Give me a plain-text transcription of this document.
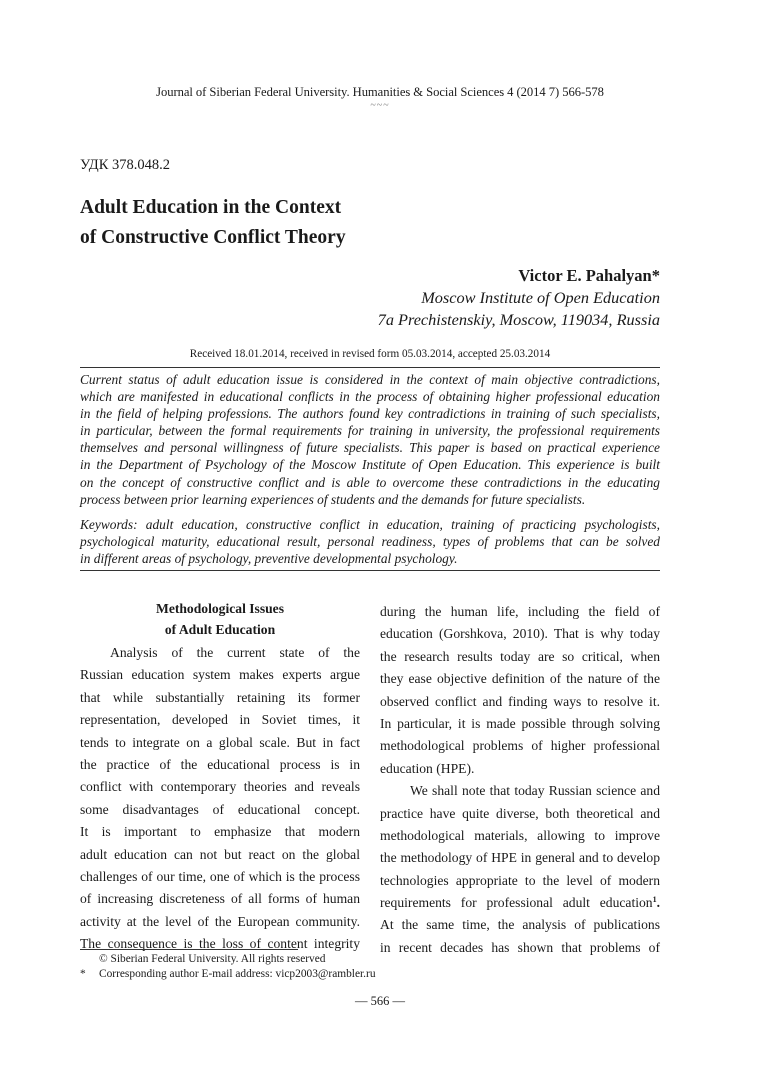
Journal of Siberian Federal University. Humanities & Social Sciences 4 (2014 7) 566-578
~~~
УДК 378.048.2
Adult Education in the Context
of Constructive Conflict Theory
Victor E. Pahalyan*
Moscow Institute of Open Education
7a Prechistenskiy, Moscow, 119034, Russia
Received 18.01.2014, received in revised form 05.03.2014, accepted 25.03.2014
Current status of adult education issue is considered in the context of main objective contradictions,
which are manifested in educational conflicts in the process of obtaining higher professional education
in the field of helping professions. The authors found key contradictions in training of such specialists,
in particular, between the formal requirements for training in university, the professional requirements
themselves and personal willingness of future specialists. This paper is based on practical experience
in the Department of Psychology of the Moscow Institute of Open Education. This experience is built
on the concept of constructive conflict and is able to overcome these contradictions in the educating
process between prior learning experiences of students and the demands for future specialists.
Keywords: adult education, constructive conflict in education, training of practicing psychologists,
psychological maturity, educational result, personal readiness, types of problems that can be solved
in different areas of psychology, preventive developmental psychology.
Methodological Issues
of Adult Education
Analysis of the current state of the
Russian education system makes experts argue
that while substantially retaining its former
representation, developed in Soviet times, it
tends to integrate on a global scale. But in fact
the practice of the educational process is in
conflict with contemporary theories and reveals
some disadvantages of educational concept.
It is important to emphasize that modern
adult education can not but react on the global
challenges of our time, one of which is the process
of increasing discreteness of all forms of human
activity at the level of the European community.
The consequence is the loss of content integrity
during the human life, including the field of
education (Gorshkova, 2010). That is why today
the research results today are so critical, when
they ease objective definition of the nature of the
observed conflict and finding ways to resolve it.
In particular, it is made possible through solving
methodological problems of higher professional
education (HPE).
We shall note that today Russian science and
practice have quite diverse, both theoretical and
methodological materials, allowing to improve
the methodology of HPE in general and to develop
technologies appropriate to the level of modern
requirements for professional adult education$^1$.
At the same time, the analysis of publications
in recent decades has shown that problems of
© Siberian Federal University. All rights reserved
* Corresponding author E-mail address: vicp2003@rambler.ru
— 566 —
